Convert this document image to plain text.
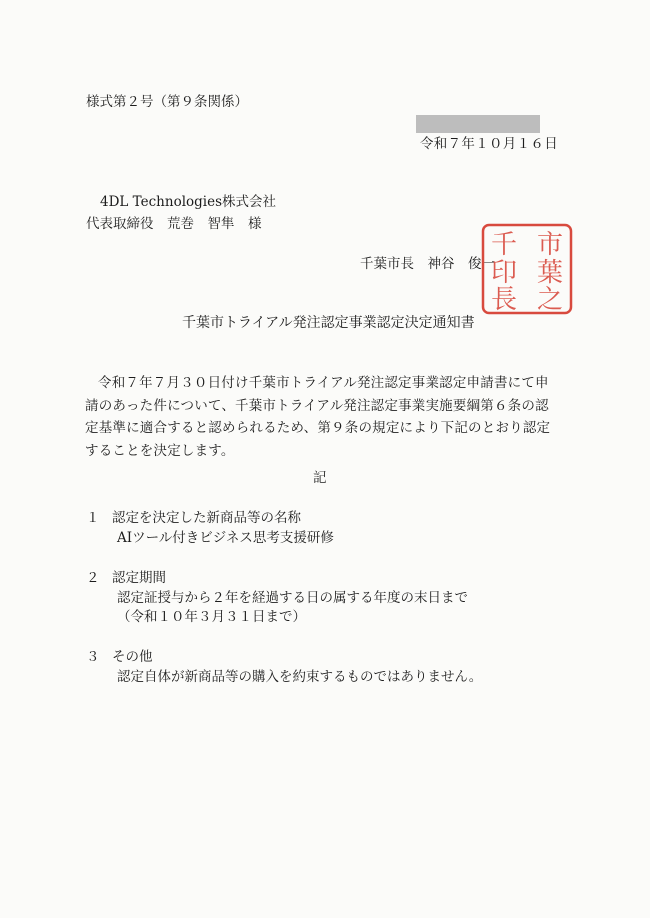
様式第２号（第９条関係）
令和７年１０月１６日
4DL Technologies株式会社
代表取締役　荒巻　智隼　様
千葉市長　神谷　俊一
市
千
葉
印
之
長
千葉市トライアル発注認定事業認定決定通知書
令和７年７月３０日付け千葉市トライアル発注認定事業認定申請書にて申請のあった件について、千葉市トライアル発注認定事業実施要綱第６条の認定基準に適合すると認められるため、第９条の規定により下記のとおり認定することを決定します。
記
１ 認定を決定した新商品等の名称
AIツール付きビジネス思考支援研修
２ 認定期間
認定証授与から２年を経過する日の属する年度の末日まで
（令和１０年３月３１日まで）
３ その他
認定自体が新商品等の購入を約束するものではありません。
